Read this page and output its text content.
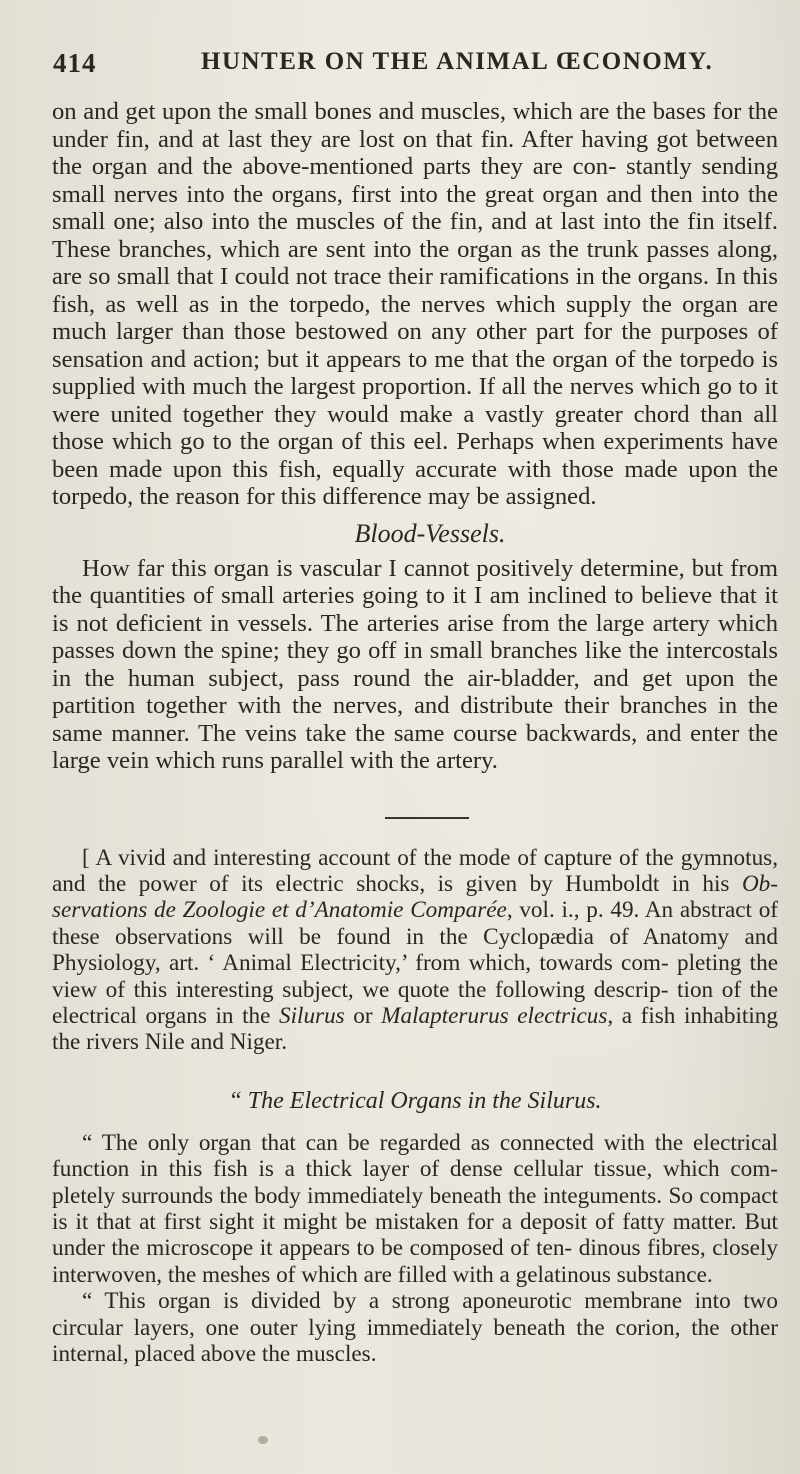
414	HUNTER ON THE ANIMAL ŒCONOMY.

on and get upon the small bones and muscles, which are the bases for the under fin, and at last they are lost on that fin. After having got between the organ and the above-mentioned parts they are con- stantly sending small nerves into the organs, first into the great organ and then into the small one; also into the muscles of the fin, and at last into the fin itself. These branches, which are sent into the organ as the trunk passes along, are so small that I could not trace their ramifications in the organs. In this fish, as well as in the torpedo, the nerves which supply the organ are much larger than those bestowed on any other part for the purposes of sensation and action; but it appears to me that the organ of the torpedo is supplied with much the largest proportion. If all the nerves which go to it were united together they would make a vastly greater chord than all those which go to the organ of this eel. Perhaps when experiments have been made upon this fish, equally accurate with those made upon the torpedo, the reason for this difference may be assigned.

Blood-Vessels.

How far this organ is vascular I cannot positively determine, but from the quantities of small arteries going to it I am inclined to believe that it is not deficient in vessels. The arteries arise from the large artery which passes down the spine; they go off in small branches like the intercostals in the human subject, pass round the air-bladder, and get upon the partition together with the nerves, and distribute their branches in the same manner. The veins take the same course backwards, and enter the large vein which runs parallel with the artery.

[ A vivid and interesting account of the mode of capture of the gymnotus, and the power of its electric shocks, is given by Humboldt in his Ob- servations de Zoologie et d’Anatomie Comparée, vol. i., p. 49. An abstract of these observations will be found in the Cyclopædia of Anatomy and Physiology, art. ‘ Animal Electricity,’ from which, towards com- pleting the view of this interesting subject, we quote the following descrip- tion of the electrical organs in the Silurus or Malapterurus electricus, a fish inhabiting the rivers Nile and Niger.

“ The Electrical Organs in the Silurus.

“ The only organ that can be regarded as connected with the electrical function in this fish is a thick layer of dense cellular tissue, which com- pletely surrounds the body immediately beneath the integuments. So compact is it that at first sight it might be mistaken for a deposit of fatty matter. But under the microscope it appears to be composed of ten- dinous fibres, closely interwoven, the meshes of which are filled with a gelatinous substance.

“ This organ is divided by a strong aponeurotic membrane into two circular layers, one outer lying immediately beneath the corion, the other internal, placed above the muscles.
